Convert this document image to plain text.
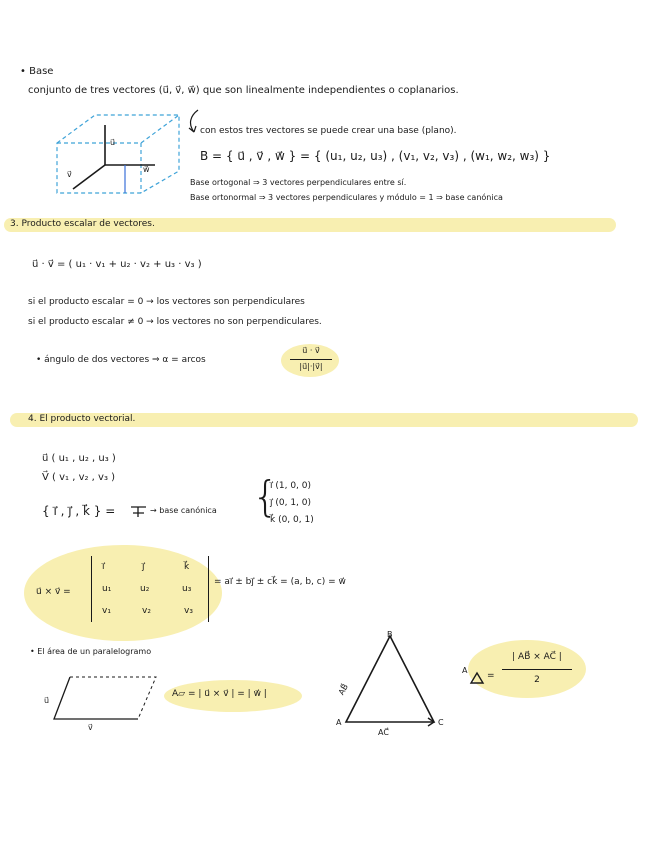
• Base
conjunto de tres vectores (u⃗, v⃗, w⃗) que son linealmente independientes o coplanarios.
u⃗
v⃗
w⃗
con estos tres vectores se puede crear una base (plano).
B = { u⃗ , v⃗ , w⃗ } = { (u₁, u₂, u₃) , (v₁, v₂, v₃) , (w₁, w₂, w₃) }
Base ortogonal ⇒ 3 vectores perpendiculares entre sí.
Base ortonormal ⇒ 3 vectores perpendiculares y módulo = 1 ⇒ base canónica
3. Producto escalar de vectores.
u⃗ · v⃗ = ( u₁ · v₁ + u₂ · v₂ + u₃ · v₃ )
si el producto escalar = 0 → los vectores son perpendiculares
si el producto escalar ≠ 0 → los vectores no son perpendiculares.
• ángulo de dos vectores ⇒ α = arcos
u⃗ · v⃗
|u⃗|·|v⃗|
4. El producto vectorial.
u⃗ ( u₁ , u₂ , u₃ )
V⃗ ( v₁ , v₂ , v₃ )
{ i⃗ , j⃗ , k⃗ } =	→ base canónica {
i⃗ (1, 0, 0)
j⃗ (0, 1, 0)
k⃗ (0, 0, 1)
u⃗ × v⃗ =
i⃗	j⃗	k⃗
u₁	u₂	u₃
v₁	v₂	v₃
= ai⃗ ± bj⃗ ± ck⃗ = (a, b, c) = w⃗
• El área de un paralelogramo
u⃗
v⃗
A▱ = | u⃗ × v⃗ | = | w⃗ |
A
B
C
AB⃗
AC⃗
A
=
| AB⃗ × AC⃗ |
2
